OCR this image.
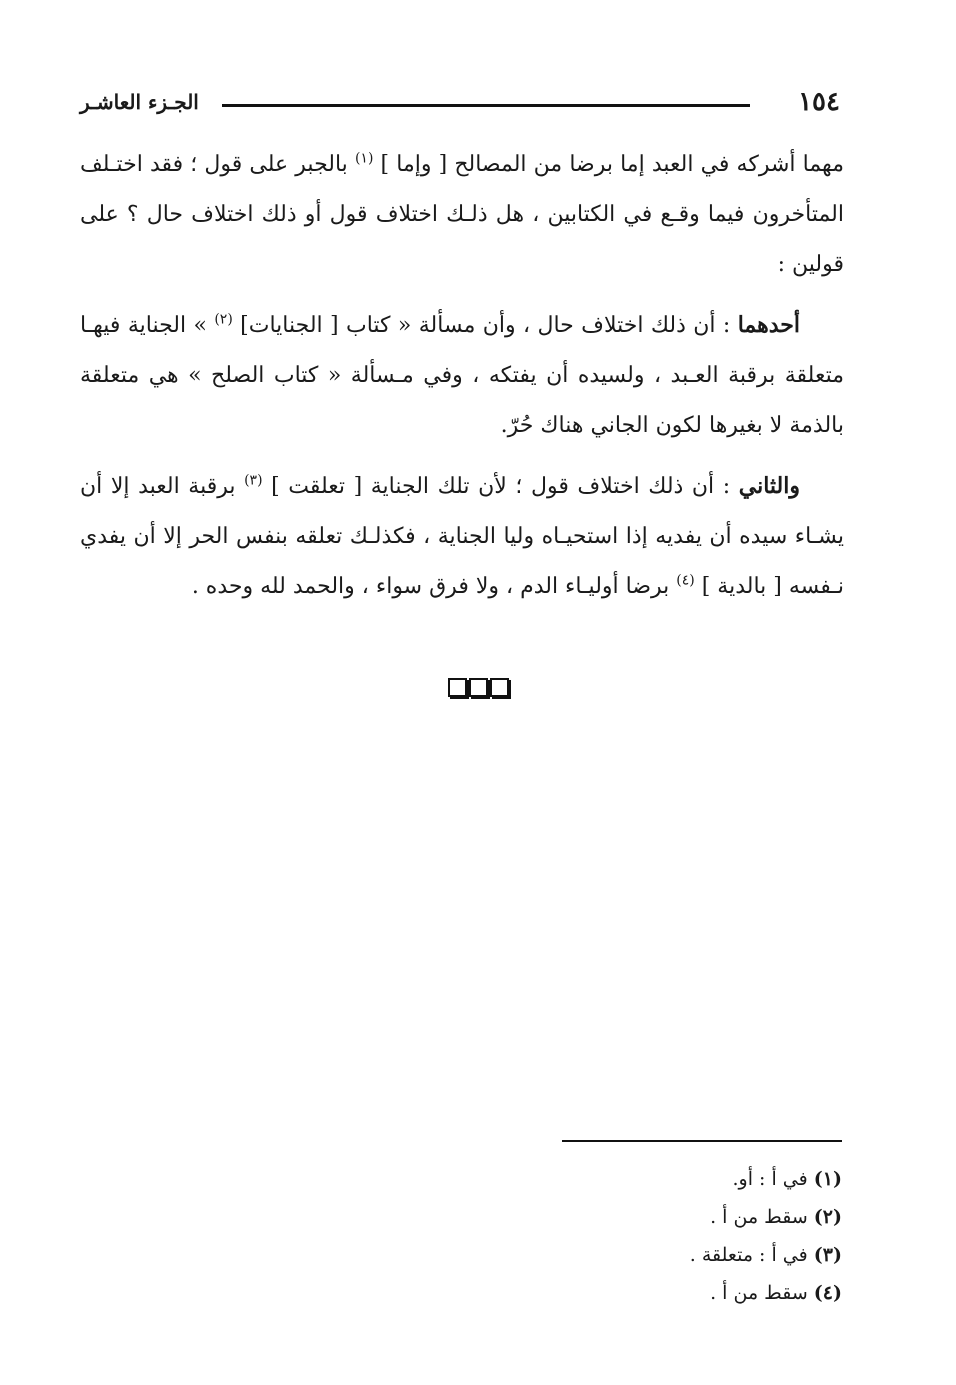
١٥٤
الجـزء العاشـر

مهما أشركه في العبد إما برضا من المصالح [ وإما ] $^{(١)}$ بالجبر على قول ؛ فقد اختـلف المتأخرون فيما وقـع في الكتابين ، هل ذلـك اختلاف قول أو ذلك اختلاف حال ؟ على قولين :

أحدهما : أن ذلك اختلاف حال ، وأن مسألة « كتاب [ الجنايات] $^{(٢)}$ » الجناية فيهـا متعلقة برقبة العـبد ، ولسيده أن يفتكه ، وفي مـسألة « كتاب الصلح » هي متعلقة بالذمة لا بغيرها لكون الجاني هناك حُرّ.

والثاني : أن ذلك اختلاف قول ؛ لأن تلك الجناية [ تعلقت ] $^{(٣)}$ برقبة العبد إلا أن يشـاء سيده أن يفديه إذا استحيـاه وليا الجناية ، فكذلـك تعلقه بنفس الحر إلا أن يفدي نـفسه [ بالدية ] $^{(٤)}$ برضا أوليـاء الدم ، ولا فرق سواء ، والحمد لله وحده .

(١) في أ : أو.

(٢) سقط من أ .

(٣) في أ : متعلقة .

(٤) سقط من أ .
